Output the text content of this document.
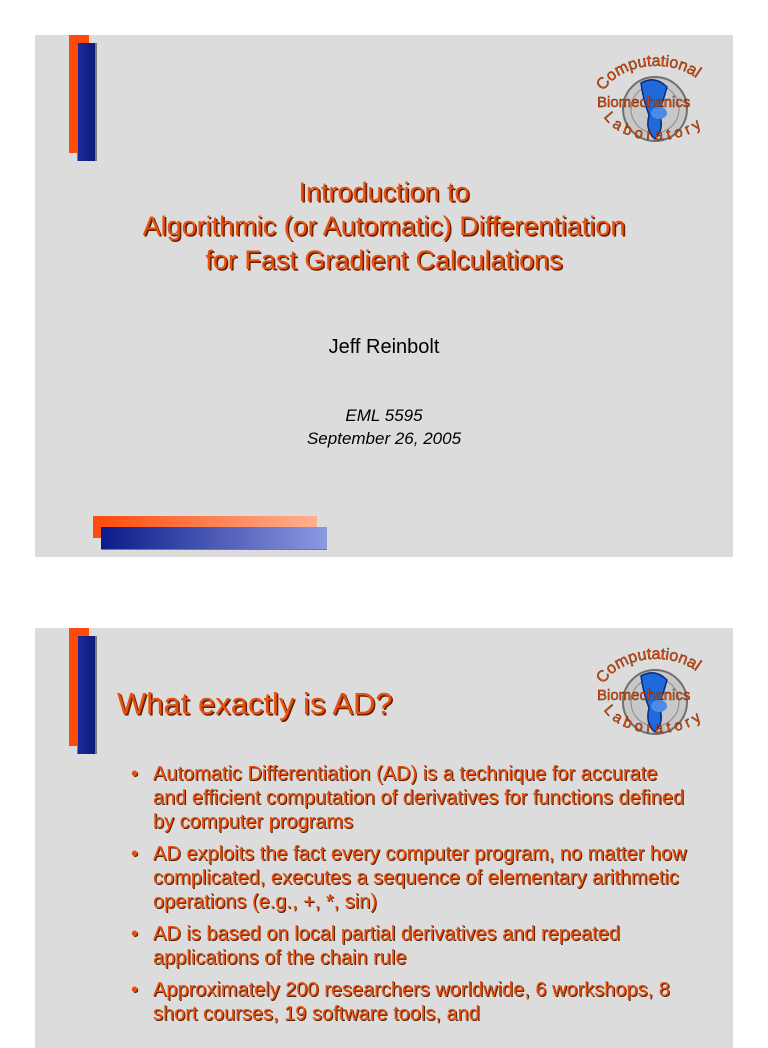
Computational
Biomechanics
Laboratory
Introduction to
Algorithmic (or Automatic) Differentiation
for Fast Gradient Calculations
Jeff Reinbolt
EML 5595
September 26, 2005
Computational
Biomechanics
Laboratory
What exactly is AD?
• Automatic Differentiation (AD) is a technique for accurate and efficient computation of derivatives for functions defined by computer programs
• AD exploits the fact every computer program, no matter how complicated, executes a sequence of elementary arithmetic operations (e.g., +, *, sin)
• AD is based on local partial derivatives and repeated applications of the chain rule
• Approximately 200 researchers worldwide, 6 workshops, 8 short courses, 19 software tools, and
